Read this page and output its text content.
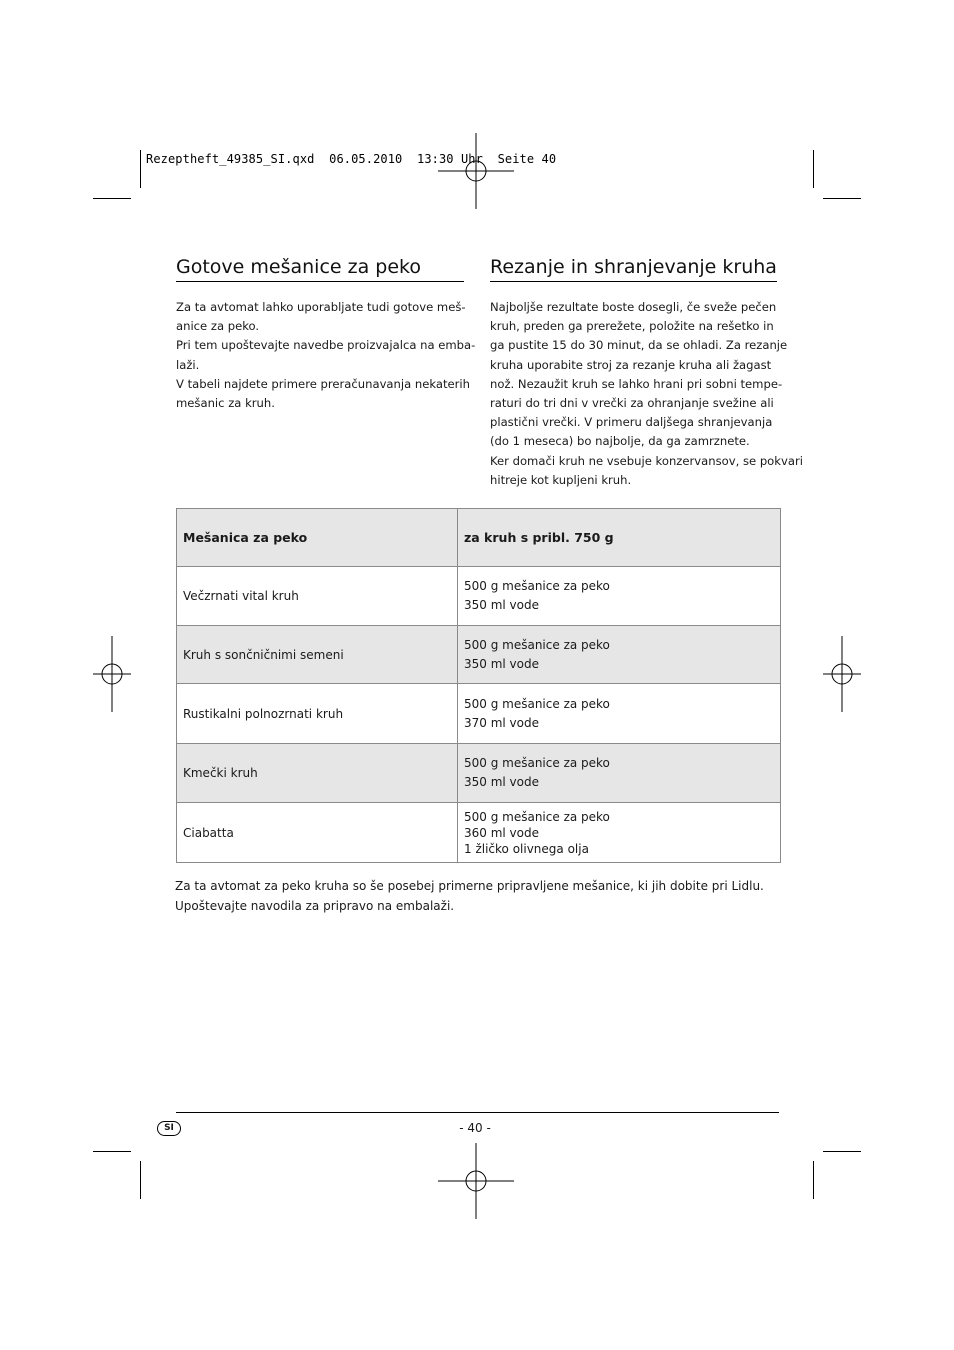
Rezeptheft_49385_SI.qxd  06.05.2010  13:30 Uhr  Seite 40
Gotove mešanice za peko

Za ta avtomat lahko uporabljate tudi gotove meš-

anice za peko.

Pri tem upoštevajte navedbe proizvajalca na emba-

laži.

V tabeli najdete primere preračunavanja nekaterih

mešanic za kruh.

Rezanje in shranjevanje kruha

Najboljše rezultate boste dosegli, če sveže pečen

kruh, preden ga prerežete, položite na rešetko in

ga pustite 15 do 30 minut, da se ohladi. Za rezanje

kruha uporabite stroj za rezanje kruha ali žagast

nož. Nezaužit kruh se lahko hrani pri sobni tempe-

raturi do tri dni v vrečki za ohranjanje svežine ali

plastični vrečki. V primeru daljšega shranjevanja

(do 1 meseca) bo najbolje, da ga zamrznete.

Ker domači kruh ne vsebuje konzervansov, se pokvari

hitreje kot kupljeni kruh.

Mešanica za peko	za kruh s pribl. 750 g
Večzrnati vital kruh	500 g mešanice za peko
350 ml vode

Kruh s sončničnimi semeni	500 g mešanice za peko
350 ml vode

Rustikalni polnozrnati kruh	500 g mešanice za peko
370 ml vode

Kmečki kruh	500 g mešanice za peko
350 ml vode

Ciabatta	500 g mešanice za peko
360 ml vode
1 žličko olivnega olja
Za ta avtomat za peko kruha so še posebej primerne pripravljene mešanice, ki jih dobite pri Lidlu.
Upoštevajte navodila za pripravo na embalaži.
SI	- 40 -
